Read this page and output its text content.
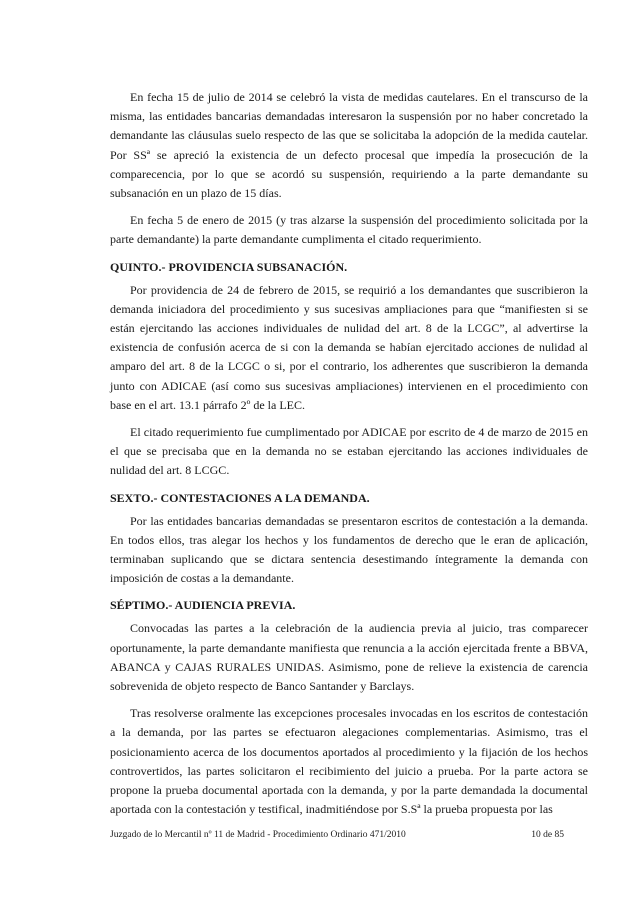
En fecha 15 de julio de 2014 se celebró la vista de medidas cautelares. En el transcurso de la misma, las entidades bancarias demandadas interesaron la suspensión por no haber concretado la demandante las cláusulas suelo respecto de las que se solicitaba la adopción de la medida cautelar. Por SSª se apreció la existencia de un defecto procesal que impedía la prosecución de la comparecencia, por lo que se acordó su suspensión, requiriendo a la parte demandante su subsanación en un plazo de 15 días.

En fecha 5 de enero de 2015 (y tras alzarse la suspensión del procedimiento solicitada por la parte demandante) la parte demandante cumplimenta el citado requerimiento.

QUINTO.- PROVIDENCIA SUBSANACIÓN.

Por providencia de 24 de febrero de 2015, se requirió a los demandantes que suscribieron la demanda iniciadora del procedimiento y sus sucesivas ampliaciones para que “manifiesten si se están ejercitando las acciones individuales de nulidad del art. 8 de la LCGC”, al advertirse la existencia de confusión acerca de si con la demanda se habían ejercitado acciones de nulidad al amparo del art. 8 de la LCGC o si, por el contrario, los adherentes que suscribieron la demanda junto con ADICAE (así como sus sucesivas ampliaciones) intervienen en el procedimiento con base en el art. 13.1 párrafo 2º de la LEC.

El citado requerimiento fue cumplimentado por ADICAE por escrito de 4 de marzo de 2015 en el que se precisaba que en la demanda no se estaban ejercitando las acciones individuales de nulidad del art. 8 LCGC.

SEXTO.- CONTESTACIONES A LA DEMANDA.

Por las entidades bancarias demandadas se presentaron escritos de contestación a la demanda. En todos ellos, tras alegar los hechos y los fundamentos de derecho que le eran de aplicación, terminaban suplicando que se dictara sentencia desestimando íntegramente la demanda con imposición de costas a la demandante.

SÉPTIMO.- AUDIENCIA PREVIA.

Convocadas las partes a la celebración de la audiencia previa al juicio, tras comparecer oportunamente, la parte demandante manifiesta que renuncia a la acción ejercitada frente a BBVA, ABANCA y CAJAS RURALES UNIDAS. Asimismo, pone de relieve la existencia de carencia sobrevenida de objeto respecto de Banco Santander y Barclays.

Tras resolverse oralmente las excepciones procesales invocadas en los escritos de contestación a la demanda, por las partes se efectuaron alegaciones complementarias. Asimismo, tras el posicionamiento acerca de los documentos aportados al procedimiento y la fijación de los hechos controvertidos, las partes solicitaron el recibimiento del juicio a prueba. Por la parte actora se propone la prueba documental aportada con la demanda, y por la parte demandada la documental aportada con la contestación y testifical, inadmitiéndose por S.Sª la prueba propuesta por las

Juzgado de lo Mercantil nº 11 de Madrid - Procedimiento Ordinario 471/2010	10 de 85
